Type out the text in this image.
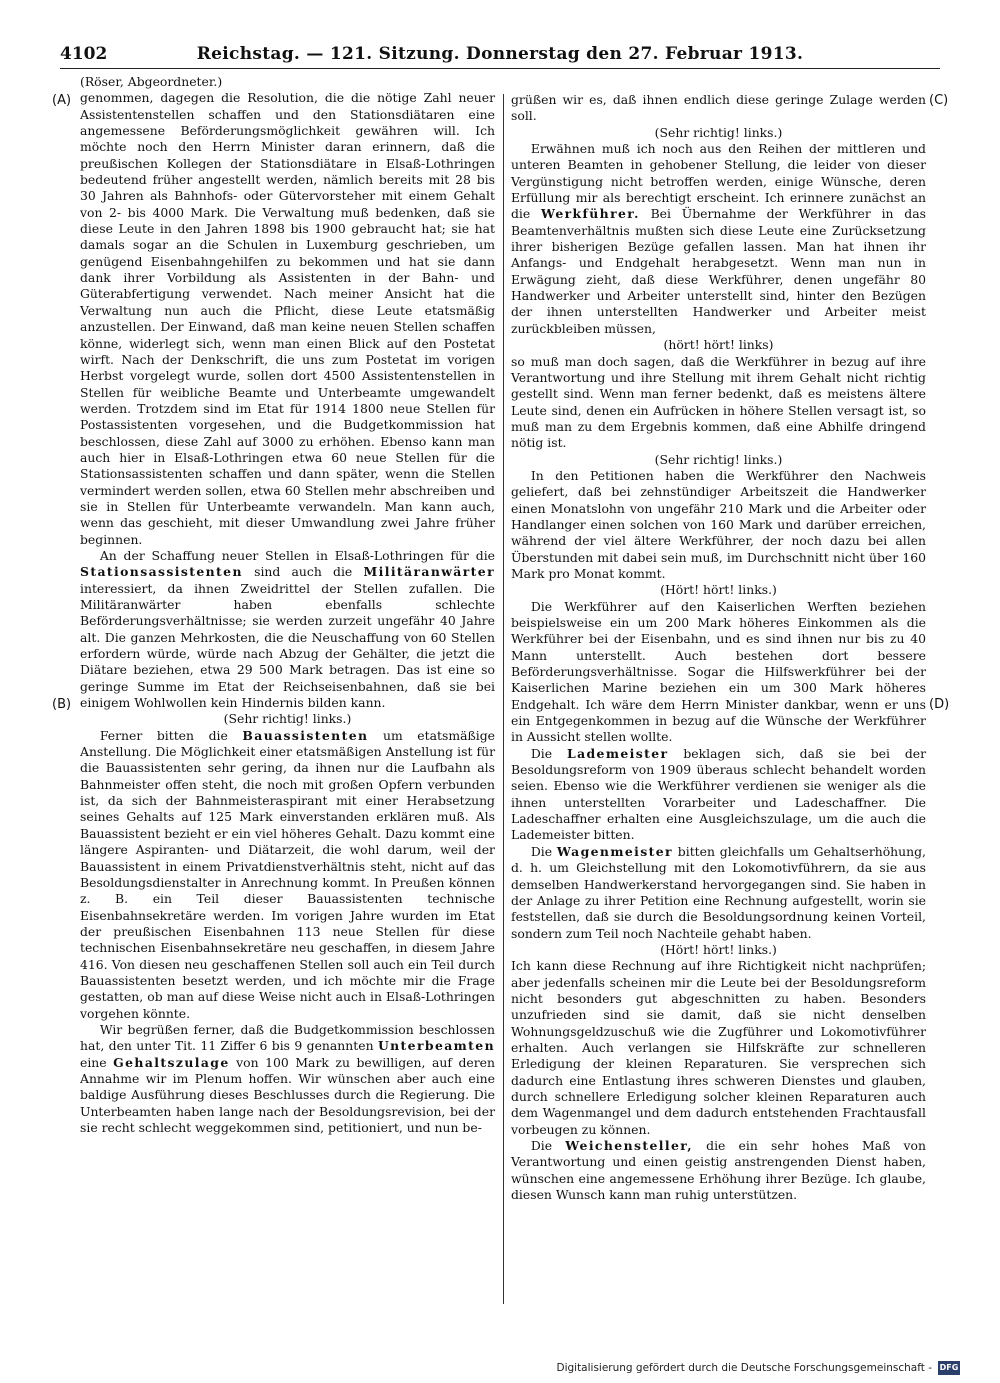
4102	Reichstag. — 121. Sitzung. Donnerstag den 27. Februar 1913.
(A)
(B)
(C)
(D)
(Röser, Abgeordneter.)

genommen, dagegen die Resolution, die die nötige Zahl neuer Assistentenstellen schaffen und den Stationsdiätaren eine angemessene Beförderungsmöglichkeit gewähren will. Ich möchte noch den Herrn Minister daran erinnern, daß die preußischen Kollegen der Stationsdiätare in Elsaß-Lothringen bedeutend früher angestellt werden, nämlich bereits mit 28 bis 30 Jahren als Bahnhofs- oder Gütervorsteher mit einem Gehalt von 2- bis 4000 Mark. Die Verwaltung muß bedenken, daß sie diese Leute in den Jahren 1898 bis 1900 gebraucht hat; sie hat damals sogar an die Schulen in Luxemburg geschrieben, um genügend Eisenbahngehilfen zu bekommen und hat sie dann dank ihrer Vorbildung als Assistenten in der Bahn- und Güterabfertigung verwendet. Nach meiner Ansicht hat die Verwaltung nun auch die Pflicht, diese Leute etatsmäßig anzustellen. Der Einwand, daß man keine neuen Stellen schaffen könne, widerlegt sich, wenn man einen Blick auf den Postetat wirft. Nach der Denkschrift, die uns zum Postetat im vorigen Herbst vorgelegt wurde, sollen dort 4500 Assistentenstellen in Stellen für weibliche Beamte und Unterbeamte umgewandelt werden. Trotzdem sind im Etat für 1914 1800 neue Stellen für Postassistenten vorgesehen, und die Budgetkommission hat beschlossen, diese Zahl auf 3000 zu erhöhen. Ebenso kann man auch hier in Elsaß-Lothringen etwa 60 neue Stellen für die Stationsassistenten schaffen und dann später, wenn die Stellen vermindert werden sollen, etwa 60 Stellen mehr abschreiben und sie in Stellen für Unterbeamte verwandeln. Man kann auch, wenn das geschieht, mit dieser Umwandlung zwei Jahre früher beginnen.

An der Schaffung neuer Stellen in Elsaß-Lothringen für die Stationsassistenten sind auch die Militäranwärter interessiert, da ihnen Zweidrittel der Stellen zufallen. Die Militäranwärter haben ebenfalls schlechte Beförderungsverhältnisse; sie werden zurzeit ungefähr 40 Jahre alt. Die ganzen Mehrkosten, die die Neuschaffung von 60 Stellen erfordern würde, würde nach Abzug der Gehälter, die jetzt die Diätare beziehen, etwa 29 500 Mark betragen. Das ist eine so geringe Summe im Etat der Reichseisenbahnen, daß sie bei einigem Wohlwollen kein Hindernis bilden kann.

(Sehr richtig! links.)

Ferner bitten die Bauassistenten um etatsmäßige Anstellung. Die Möglichkeit einer etatsmäßigen Anstellung ist für die Bauassistenten sehr gering, da ihnen nur die Laufbahn als Bahnmeister offen steht, die noch mit großen Opfern verbunden ist, da sich der Bahnmeisteraspirant mit einer Herabsetzung seines Gehalts auf 125 Mark einverstanden erklären muß. Als Bauassistent bezieht er ein viel höheres Gehalt. Dazu kommt eine längere Aspiranten- und Diätarzeit, die wohl darum, weil der Bauassistent in einem Privatdienstverhältnis steht, nicht auf das Besoldungsdienstalter in Anrechnung kommt. In Preußen können z. B. ein Teil dieser Bauassistenten technische Eisenbahnsekretäre werden. Im vorigen Jahre wurden im Etat der preußischen Eisenbahnen 113 neue Stellen für diese technischen Eisenbahnsekretäre neu geschaffen, in diesem Jahre 416. Von diesen neu geschaffenen Stellen soll auch ein Teil durch Bauassistenten besetzt werden, und ich möchte mir die Frage gestatten, ob man auf diese Weise nicht auch in Elsaß-Lothringen vorgehen könnte.

Wir begrüßen ferner, daß die Budgetkommission beschlossen hat, den unter Tit. 11 Ziffer 6 bis 9 genannten Unterbeamten eine Gehaltszulage von 100 Mark zu bewilligen, auf deren Annahme wir im Plenum hoffen. Wir wünschen aber auch eine baldige Ausführung dieses Beschlusses durch die Regierung. Die Unterbeamten haben lange nach der Besoldungsrevision, bei der sie recht schlecht weggekommen sind, petitioniert, und nun be-

grüßen wir es, daß ihnen endlich diese geringe Zulage werden soll.

(Sehr richtig! links.)

Erwähnen muß ich noch aus den Reihen der mittleren und unteren Beamten in gehobener Stellung, die leider von dieser Vergünstigung nicht betroffen werden, einige Wünsche, deren Erfüllung mir als berechtigt erscheint. Ich erinnere zunächst an die Werkführer. Bei Übernahme der Werkführer in das Beamtenverhältnis mußten sich diese Leute eine Zurücksetzung ihrer bisherigen Bezüge gefallen lassen. Man hat ihnen ihr Anfangs- und Endgehalt herabgesetzt. Wenn man nun in Erwägung zieht, daß diese Werkführer, denen ungefähr 80 Handwerker und Arbeiter unterstellt sind, hinter den Bezügen der ihnen unterstellten Handwerker und Arbeiter meist zurückbleiben müssen,

(hört! hört! links)

so muß man doch sagen, daß die Werkführer in bezug auf ihre Verantwortung und ihre Stellung mit ihrem Gehalt nicht richtig gestellt sind. Wenn man ferner bedenkt, daß es meistens ältere Leute sind, denen ein Aufrücken in höhere Stellen versagt ist, so muß man zu dem Ergebnis kommen, daß eine Abhilfe dringend nötig ist.

(Sehr richtig! links.)

In den Petitionen haben die Werkführer den Nachweis geliefert, daß bei zehnstündiger Arbeitszeit die Handwerker einen Monatslohn von ungefähr 210 Mark und die Arbeiter oder Handlanger einen solchen von 160 Mark und darüber erreichen, während der viel ältere Werkführer, der noch dazu bei allen Überstunden mit dabei sein muß, im Durchschnitt nicht über 160 Mark pro Monat kommt.

(Hört! hört! links.)

Die Werkführer auf den Kaiserlichen Werften beziehen beispielsweise ein um 200 Mark höheres Einkommen als die Werkführer bei der Eisenbahn, und es sind ihnen nur bis zu 40 Mann unterstellt. Auch bestehen dort bessere Beförderungsverhältnisse. Sogar die Hilfswerkführer bei der Kaiserlichen Marine beziehen ein um 300 Mark höheres Endgehalt. Ich wäre dem Herrn Minister dankbar, wenn er uns ein Entgegenkommen in bezug auf die Wünsche der Werkführer in Aussicht stellen wollte.

Die Lademeister beklagen sich, daß sie bei der Besoldungsreform von 1909 überaus schlecht behandelt worden seien. Ebenso wie die Werkführer verdienen sie weniger als die ihnen unterstellten Vorarbeiter und Ladeschaffner. Die Ladeschaffner erhalten eine Ausgleichszulage, um die auch die Lademeister bitten.

Die Wagenmeister bitten gleichfalls um Gehaltserhöhung, d. h. um Gleichstellung mit den Lokomotivführern, da sie aus demselben Handwerkerstand hervorgegangen sind. Sie haben in der Anlage zu ihrer Petition eine Rechnung aufgestellt, worin sie feststellen, daß sie durch die Besoldungsordnung keinen Vorteil, sondern zum Teil noch Nachteile gehabt haben.

(Hört! hört! links.)

Ich kann diese Rechnung auf ihre Richtigkeit nicht nachprüfen; aber jedenfalls scheinen mir die Leute bei der Besoldungsreform nicht besonders gut abgeschnitten zu haben. Besonders unzufrieden sind sie damit, daß sie nicht denselben Wohnungsgeldzuschuß wie die Zugführer und Lokomotivführer erhalten. Auch verlangen sie Hilfskräfte zur schnelleren Erledigung der kleinen Reparaturen. Sie versprechen sich dadurch eine Entlastung ihres schweren Dienstes und glauben, durch schnellere Erledigung solcher kleinen Reparaturen auch dem Wagenmangel und dem dadurch entstehenden Frachtausfall vorbeugen zu können.

Die Weichensteller, die ein sehr hohes Maß von Verantwortung und einen geistig anstrengenden Dienst haben, wünschen eine angemessene Erhöhung ihrer Bezüge. Ich glaube, diesen Wunsch kann man ruhig unterstützen.

Digitalisierung gefördert durch die Deutsche Forschungsgemeinschaft - DFG
